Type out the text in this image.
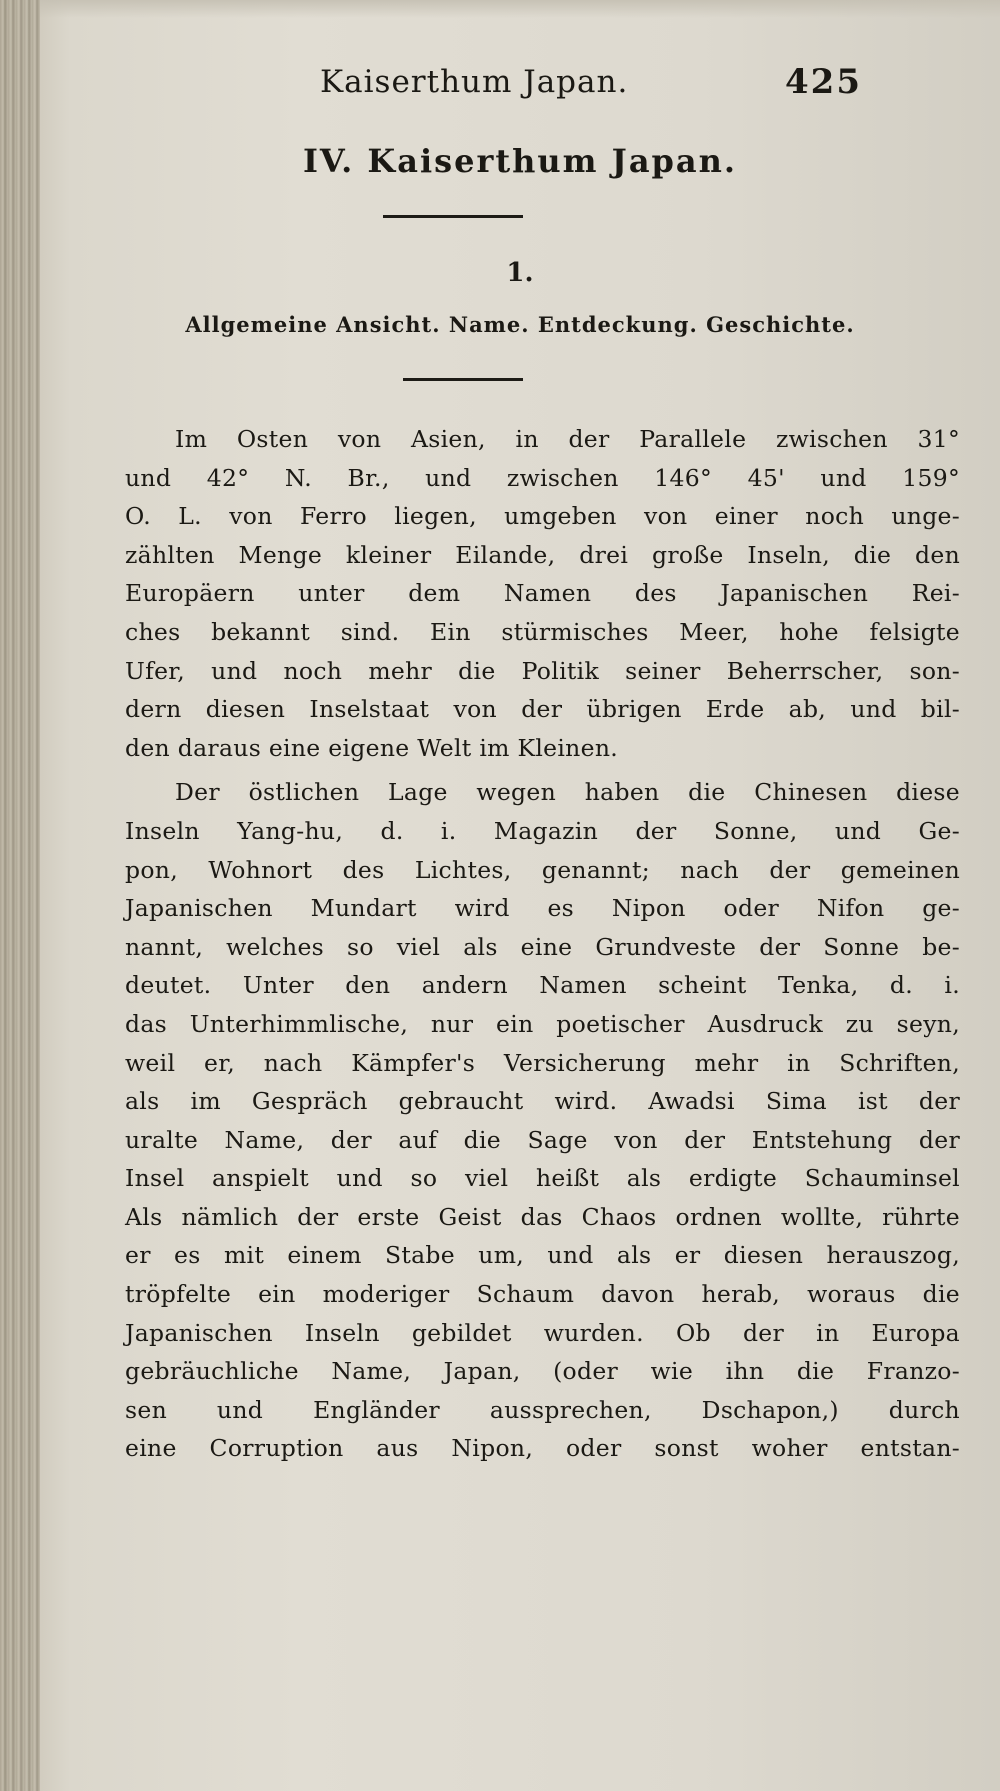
Kaiserthum Japan.	425
IV. Kaiserthum Japan.
1.
Allgemeine Ansicht. Name. Entdeckung. Geschichte.
Im Osten von Asien, in der Parallele zwischen 31°
und 42° N. Br., und zwischen 146° 45' und 159°
O. L. von Ferro liegen, umgeben von einer noch unge-
zählten Menge kleiner Eilande, drei große Inseln, die den
Europäern unter dem Namen des Japanischen Rei-
ches bekannt sind. Ein stürmisches Meer, hohe felsigte
Ufer, und noch mehr die Politik seiner Beherrscher, son-
dern diesen Inselstaat von der übrigen Erde ab, und bil-
den daraus eine eigene Welt im Kleinen.
Der östlichen Lage wegen haben die Chinesen diese
Inseln Yang-hu, d. i. Magazin der Sonne, und Ge-
pon, Wohnort des Lichtes, genannt; nach der gemeinen
Japanischen Mundart wird es Nipon oder Nifon ge-
nannt, welches so viel als eine Grundveste der Sonne be-
deutet. Unter den andern Namen scheint Tenka, d. i.
das Unterhimmlische, nur ein poetischer Ausdruck zu seyn,
weil er, nach Kämpfer's Versicherung mehr in Schriften,
als im Gespräch gebraucht wird. Awadsi Sima ist der
uralte Name, der auf die Sage von der Entstehung der
Insel anspielt und so viel heißt als erdigte Schauminsel
Als nämlich der erste Geist das Chaos ordnen wollte, rührte
er es mit einem Stabe um, und als er diesen herauszog,
tröpfelte ein moderiger Schaum davon herab, woraus die
Japanischen Inseln gebildet wurden. Ob der in Europa
gebräuchliche Name, Japan, (oder wie ihn die Franzo-
sen und Engländer aussprechen, Dschapon,) durch
eine Corruption aus Nipon, oder sonst woher entstan-
